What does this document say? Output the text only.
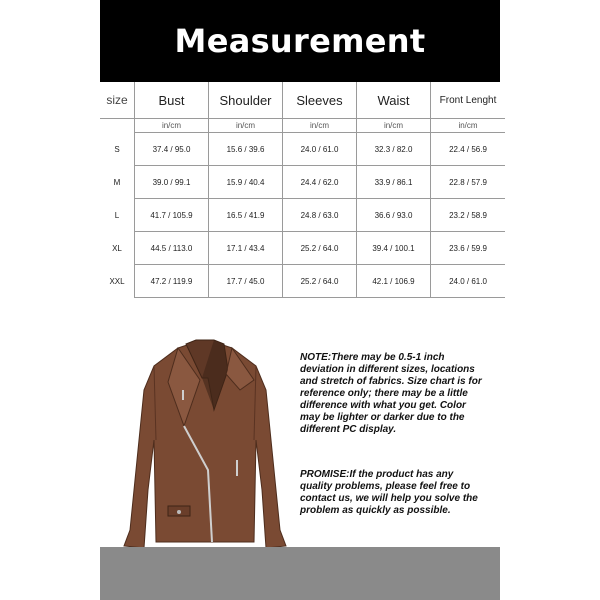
Measurement
size	Bust	Shoulder	Sleeves	Waist	Front Lenght
	in/cm	in/cm	in/cm	in/cm	in/cm
S	37.4 / 95.0	15.6 / 39.6	24.0 / 61.0	32.3 / 82.0	22.4 / 56.9
M	39.0 / 99.1	15.9 / 40.4	24.4 / 62.0	33.9 / 86.1	22.8 / 57.9
L	41.7 / 105.9	16.5 / 41.9	24.8 / 63.0	36.6 / 93.0	23.2 / 58.9
XL	44.5 / 113.0	17.1 / 43.4	25.2 / 64.0	39.4 / 100.1	23.6 / 59.9
XXL	47.2 / 119.9	17.7 / 45.0	25.2 / 64.0	42.1 / 106.9	24.0 / 61.0
NOTE:There may be 0.5-1 inch deviation in different sizes, locations and stretch of fabrics. Size chart is for reference only; there may be a little difference with what you get. Color may be lighter or darker due to the different PC display.
PROMISE:If the product has any quality problems, please feel free to contact us, we will help you solve the problem as quickly as possible.
